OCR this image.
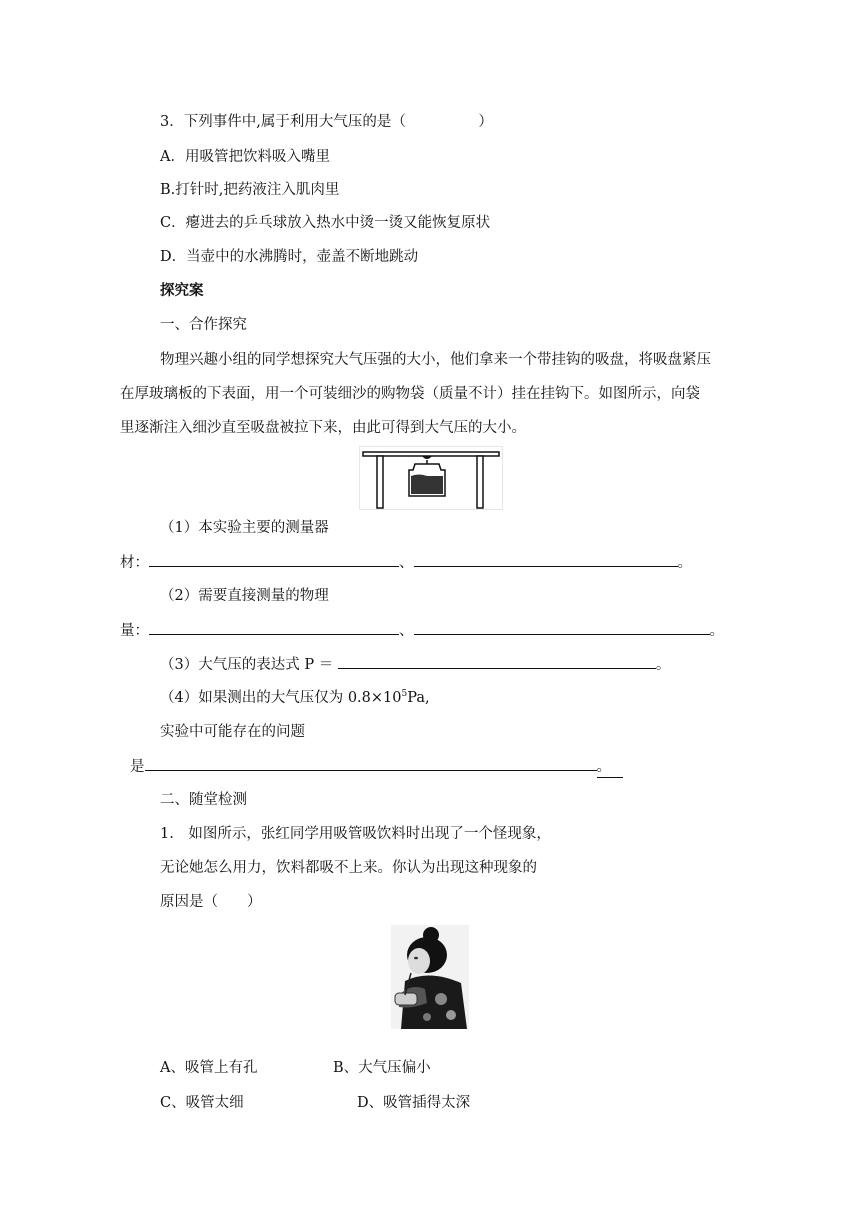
3．下列事件中,属于利用大气压的是（　　　　　）
A．用吸管把饮料吸入嘴里
B.打针时,把药液注入肌肉里
C．瘪进去的乒乓球放入热水中烫一烫又能恢复原状
D．当壶中的水沸腾时，壶盖不断地跳动
探究案
一、合作探究
物理兴趣小组的同学想探究大气压强的大小，他们拿来一个带挂钩的吸盘，将吸盘紧压
在厚玻璃板的下表面，用一个可装细沙的购物袋（质量不计）挂在挂钩下。如图所示，向袋
里逐渐注入细沙直至吸盘被拉下来，由此可得到大气压的大小。
（1）本实验主要的测量器
材：	、	。
（2）需要直接测量的物理
量：	、	。
（3）大气压的表达式 P ＝	。
（4）如果测出的大气压仅为 $0.8\times 10^5Pa$,
实验中可能存在的问题
是	。
二、随堂检测
1.　如图所示，张红同学用吸管吸饮料时出现了一个怪现象，
无论她怎么用力，饮料都吸不上来。你认为出现这种现象的
原因是（　　）
A、吸管上有孔	B、大气压偏小
C、吸管太细	D、吸管插得太深
